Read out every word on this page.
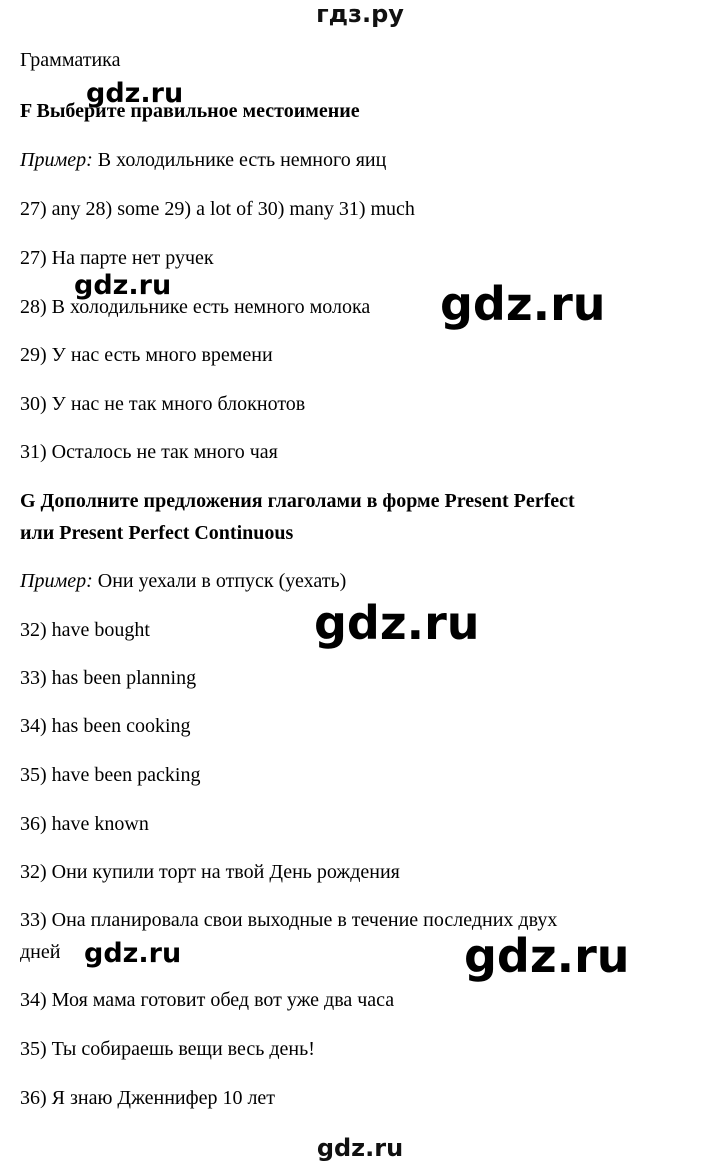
гдз.ру
Грамматика
F Выберите правильное местоимение
Пример: В холодильнике есть немного яиц
27) any 28) some 29) a lot of 30) many 31) much
27) На парте нет ручек
28) В холодильнике есть немного молока
29) У нас есть много времени
30) У нас не так много блокнотов
31) Осталось не так много чая
G Дополните предложения глаголами в форме Present Perfect
или Present Perfect Continuous
Пример: Они уехали в отпуск (уехать)
32) have bought
33) has been planning
34) has been cooking
35) have been packing
36) have known
32) Они купили торт на твой День рождения
33) Она планировала свои выходные в течение последних двух
дней
34) Моя мама готовит обед вот уже два часа
35) Ты собираешь вещи весь день!
36) Я знаю Дженнифер 10 лет
gdz.ru
gdz.ru	gdz.ru
gdz.ru
gdz.ru	gdz.ru
gdz.ru
